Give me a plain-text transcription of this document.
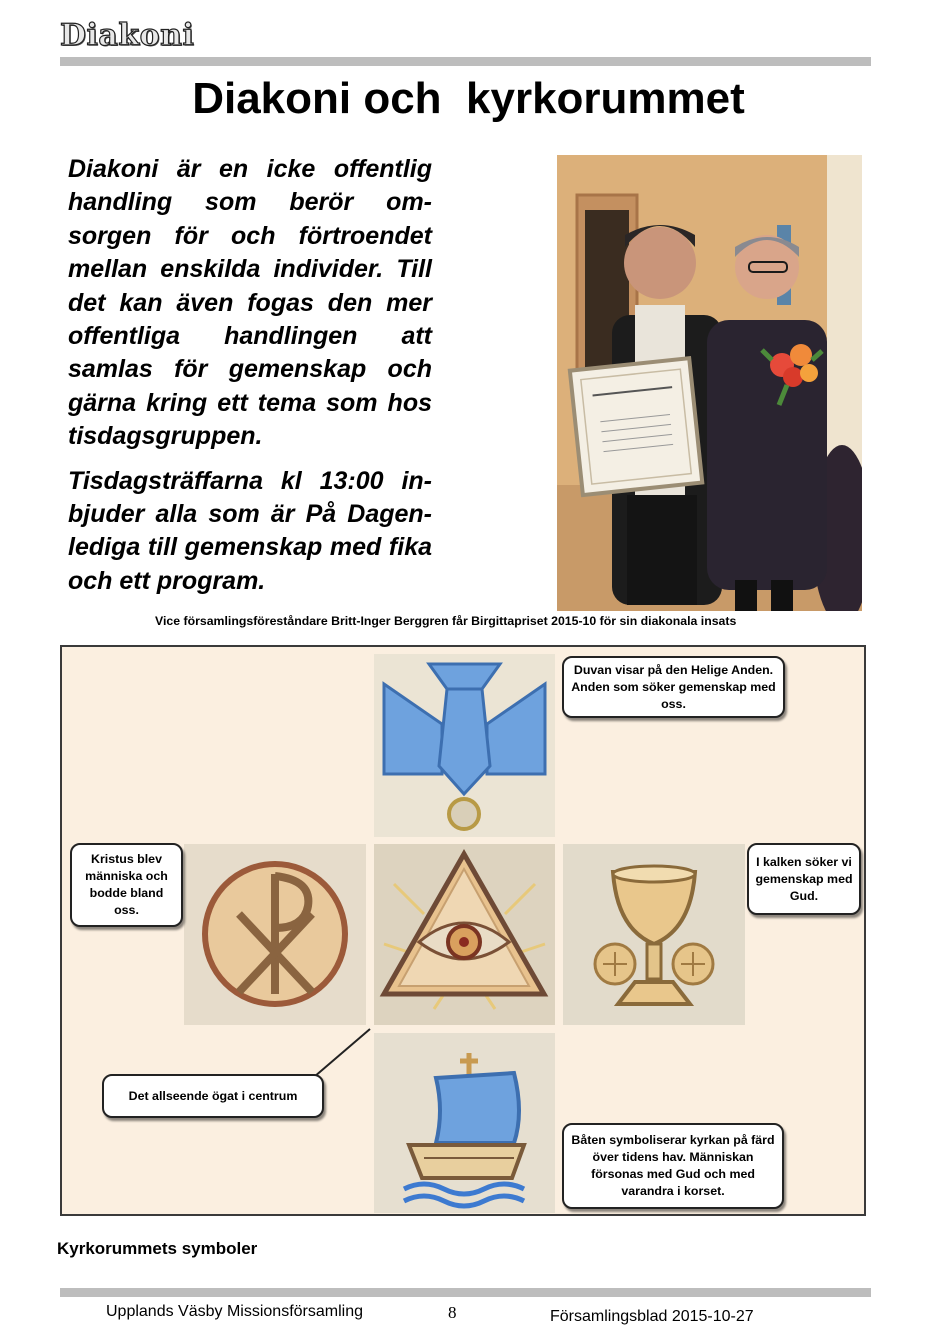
Diakoni
Diakoni och  kyrkorummet

Diakoni är en icke offentlig handling som berör om-sorgen för och förtroendet mellan enskilda individer. Till det kan även fogas den mer offentliga handlingen att samlas för gemenskap och gärna kring ett tema som hos tisdagsgruppen.

Tisdagsträffarna kl 13:00 in-bjuder alla som är På Dagen-lediga till gemenskap med fika och ett program.

Vice församlingsföreståndare Britt-Inger Berggren får Birgittapriset 2015-10 för sin diakonala insats
Duvan visar på den Helige Anden. Anden som söker gemenskap med oss.
Kristus blev människa och bodde bland oss.
I kalken söker vi gemenskap med Gud.
Det allseende ögat i centrum
Båten symboliserar kyrkan på färd över tidens hav. Människan försonas med Gud och med varandra i korset.
Kyrkorummets symboler
Upplands Väsby Missionsförsamling	8	Församlingsblad 2015-10-27
